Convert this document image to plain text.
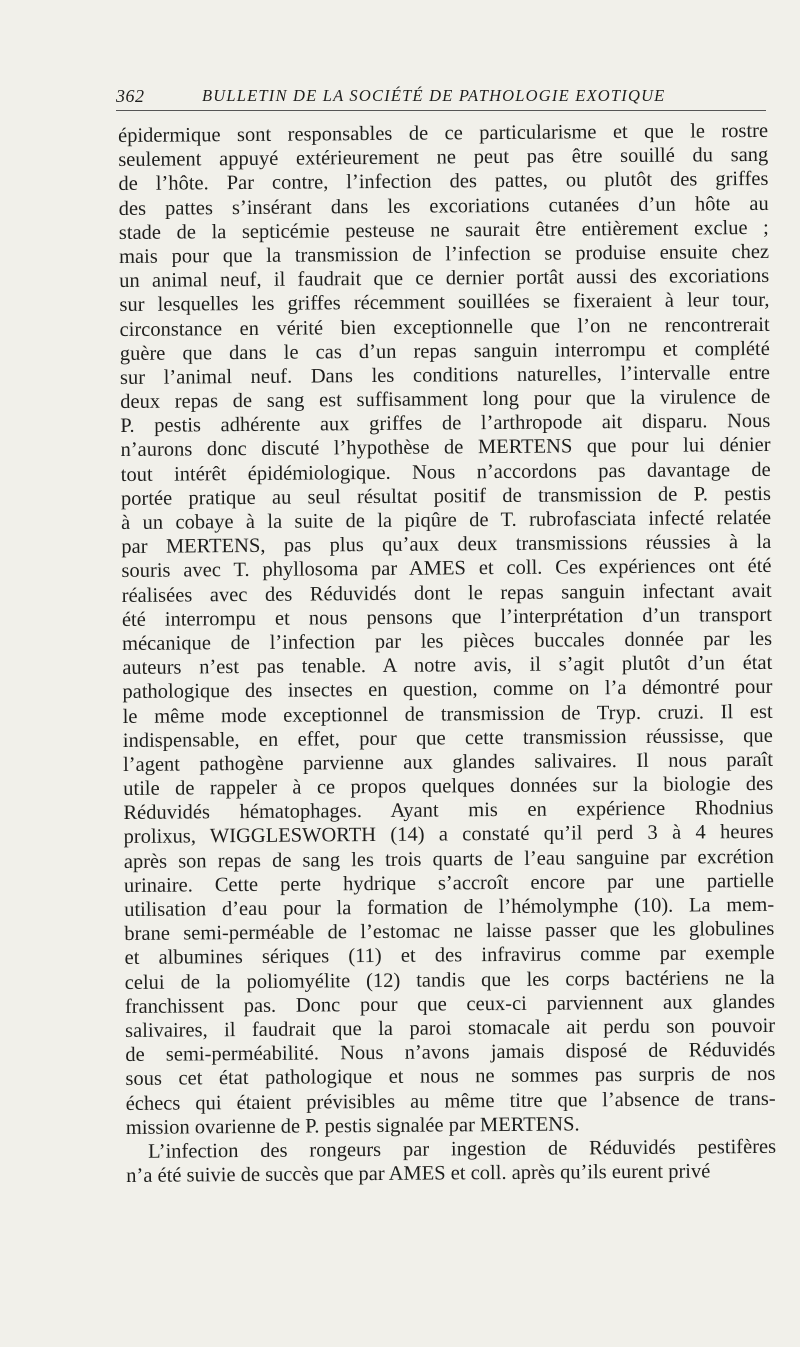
362	BULLETIN DE LA SOCIÉTÉ DE PATHOLOGIE EXOTIQUE
épidermique sont responsables de ce particularisme et que le rostre
seulement appuyé extérieurement ne peut pas être souillé du sang
de l’hôte. Par contre, l’infection des pattes, ou plutôt des griffes
des pattes s’insérant dans les excoriations cutanées d’un hôte au
stade de la septicémie pesteuse ne saurait être entièrement exclue ;
mais pour que la transmission de l’infection se produise ensuite chez
un animal neuf, il faudrait que ce dernier portât aussi des excoriations
sur lesquelles les griffes récemment souillées se fixeraient à leur tour,
circonstance en vérité bien exceptionnelle que l’on ne rencontrerait
guère que dans le cas d’un repas sanguin interrompu et complété
sur l’animal neuf. Dans les conditions naturelles, l’intervalle entre
deux repas de sang est suffisamment long pour que la virulence de
P. pestis adhérente aux griffes de l’arthropode ait disparu. Nous
n’aurons donc discuté l’hypothèse de MERTENS que pour lui dénier
tout intérêt épidémiologique. Nous n’accordons pas davantage de
portée pratique au seul résultat positif de transmission de P. pestis
à un cobaye à la suite de la piqûre de T. rubrofasciata infecté relatée
par MERTENS, pas plus qu’aux deux transmissions réussies à la
souris avec T. phyllosoma par AMES et coll. Ces expériences ont été
réalisées avec des Réduvidés dont le repas sanguin infectant avait
été interrompu et nous pensons que l’interprétation d’un transport
mécanique de l’infection par les pièces buccales donnée par les
auteurs n’est pas tenable. A notre avis, il s’agit plutôt d’un état
pathologique des insectes en question, comme on l’a démontré pour
le même mode exceptionnel de transmission de Tryp. cruzi. Il est
indispensable, en effet, pour que cette transmission réussisse, que
l’agent pathogène parvienne aux glandes salivaires. Il nous paraît
utile de rappeler à ce propos quelques données sur la biologie des
Réduvidés hématophages. Ayant mis en expérience Rhodnius
prolixus, WIGGLESWORTH (14) a constaté qu’il perd 3 à 4 heures
après son repas de sang les trois quarts de l’eau sanguine par excrétion
urinaire. Cette perte hydrique s’accroît encore par une partielle
utilisation d’eau pour la formation de l’hémolymphe (10). La mem-
brane semi-perméable de l’estomac ne laisse passer que les globulines
et albumines sériques (11) et des infravirus comme par exemple
celui de la poliomyélite (12) tandis que les corps bactériens ne la
franchissent pas. Donc pour que ceux-ci parviennent aux glandes
salivaires, il faudrait que la paroi stomacale ait perdu son pouvoir
de semi-perméabilité. Nous n’avons jamais disposé de Réduvidés
sous cet état pathologique et nous ne sommes pas surpris de nos
échecs qui étaient prévisibles au même titre que l’absence de trans-
mission ovarienne de P. pestis signalée par MERTENS.
L’infection des rongeurs par ingestion de Réduvidés pestifères
n’a été suivie de succès que par AMES et coll. après qu’ils eurent privé
